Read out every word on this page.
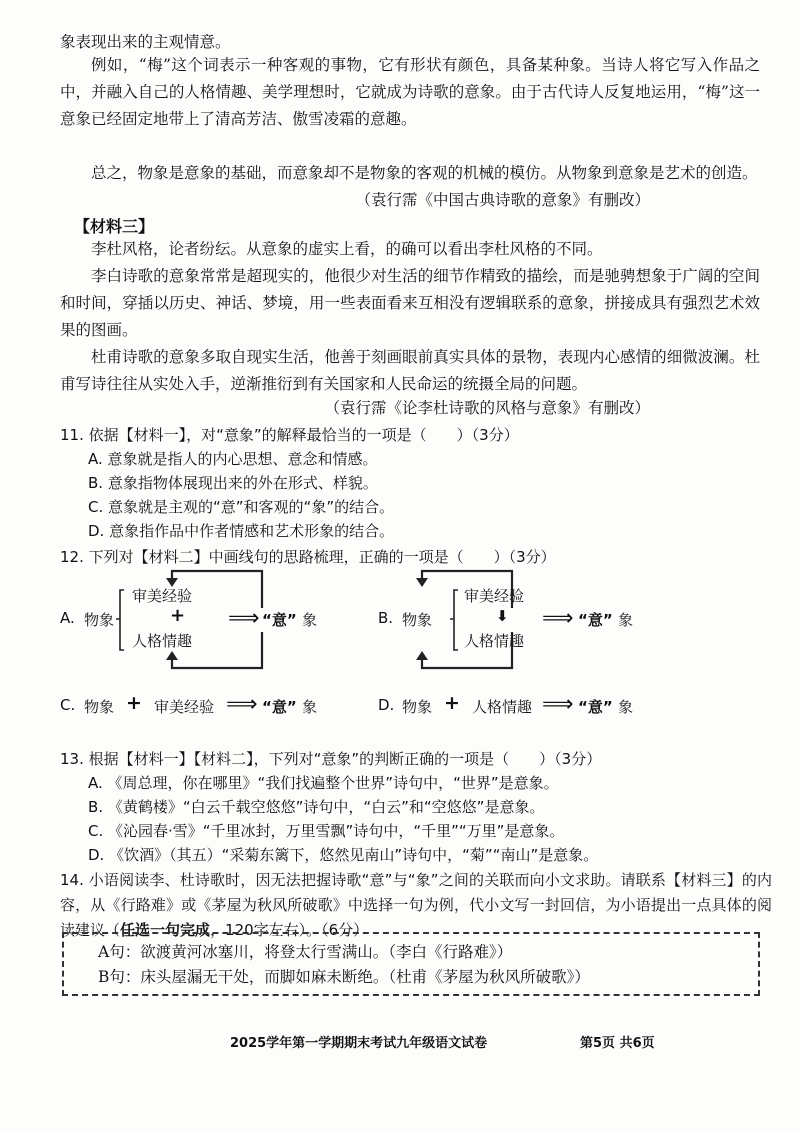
象表现出来的主观情意。

例如，“梅”这个词表示一种客观的事物，它有形状有颜色，具备某种象。当诗人将它写入作品之中，并融入自己的人格情趣、美学理想时，它就成为诗歌的意象。由于古代诗人反复地运用，“梅”这一意象已经固定地带上了清高芳洁、傲雪凌霜的意趣。

总之，物象是意象的基础，而意象却不是物象的客观的机械的模仿。从物象到意象是艺术的创造。

（袁行霈《中国古典诗歌的意象》有删改）
【材料三】

李杜风格，论者纷纭。从意象的虚实上看，的确可以看出李杜风格的不同。

李白诗歌的意象常常是超现实的，他很少对生活的细节作精致的描绘，而是驰骋想象于广阔的空间和时间，穿插以历史、神话、梦境，用一些表面看来互相没有逻辑联系的意象，拼接成具有强烈艺术效果的图画。

杜甫诗歌的意象多取自现实生活，他善于刻画眼前真实具体的景物，表现内心感情的细微波澜。杜甫写诗往往从实处入手，逆渐推衍到有关国家和人民命运的统摄全局的问题。

（袁行霈《论李杜诗歌的风格与意象》有删改）
11. 依据【材料一】，对“意象”的解释最恰当的一项是（　　）（3分）
A. 意象就是指人的内心思想、意念和情感。
B. 意象指物体展现出来的外在形式、样貌。
C. 意象就是主观的“意”和客观的“象”的结合。
D. 意象指作品中作者情感和艺术形象的结合。
12. 下列对【材料二】中画线句的思路梳理，正确的一项是（　　）（3分）
A. 物象
审美经验
+
人格情趣
⟹ “意” 象	B. 物象
审美经验
⬇
人格情趣
⟹ “意” 象
C. 物象 + 审美经验 ⟹ “意” 象	D. 物象 + 人格情趣 ⟹ “意” 象
13. 根据【材料一】【材料二】，下列对“意象”的判断正确的一项是（　　）（3分）
A. 《周总理，你在哪里》“我们找遍整个世界”诗句中，“世界”是意象。
B. 《黄鹤楼》“白云千载空悠悠”诗句中，“白云”和“空悠悠”是意象。
C. 《沁园春·雪》“千里冰封，万里雪飘”诗句中，“千里”“万里”是意象。
D. 《饮酒》（其五）“采菊东篱下，悠然见南山”诗句中，“菊”“南山”是意象。

14. 小语阅读李、杜诗歌时，因无法把握诗歌“意”与“象”之间的关联而向小文求助。请联系【材料三】的内容，从《行路难》或《茅屋为秋风所破歌》中选择一句为例，代小文写一封回信，为小语提出一点具体的阅读建议（任选一句完成，120字左右）。（6分）

A句：欲渡黄河冰塞川，将登太行雪满山。（李白《行路难》）
B句：床头屋漏无干处，而脚如麻未断绝。（杜甫《茅屋为秋风所破歌》）
2025学年第一学期期末考试九年级语文试卷	第5页 共6页
